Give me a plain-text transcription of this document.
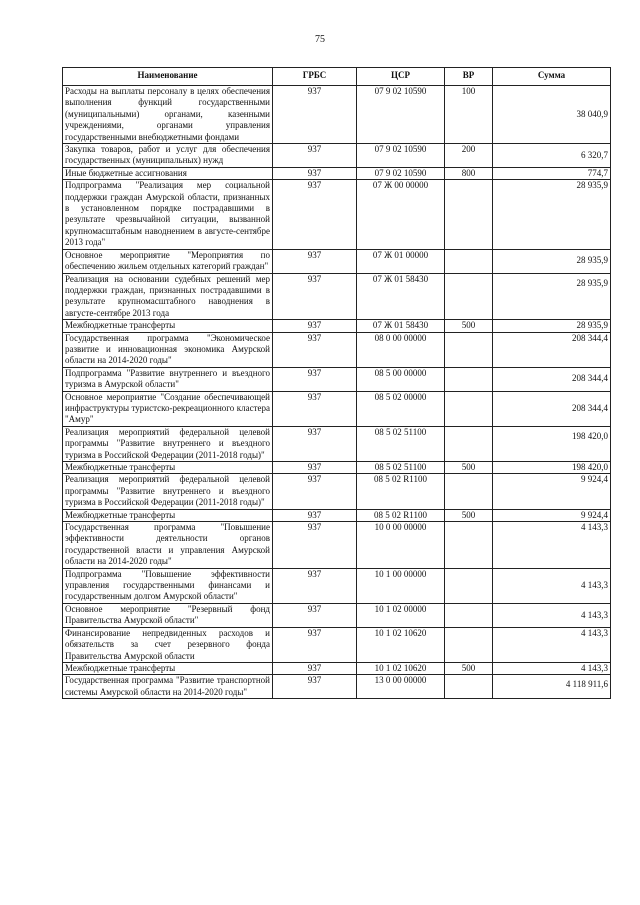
75
Наименование	ГРБС	ЦСР	ВР	Сумма
Расходы на выплаты персоналу в целях обеспечения выполнения функций государственными (муниципальными) органами, казенными учреждениями, органами управления государственными внебюджетными фондами	937	07 9 02 10590	100	38 040,9
Закупка товаров, работ и услуг для обеспечения государственных (муниципальных) нужд	937	07 9 02 10590	200	6 320,7
Иные бюджетные ассигнования	937	07 9 02 10590	800	774,7
Подпрограмма "Реализация мер социальной поддержки граждан Амурской области, признанных в установленном порядке пострадавшими в результате чрезвычайной ситуации, вызванной крупномасштабным наводнением в августе-сентябре 2013 года"	937	07 Ж 00 00000		28 935,9
Основное мероприятие "Мероприятия по обеспечению жильем отдельных категорий граждан"	937	07 Ж 01 00000		28 935,9
Реализация на основании судебных решений мер поддержки граждан, признанных пострадавшими в результате крупномасштабного наводнения в августе-сентябре 2013 года	937	07 Ж 01 58430		28 935,9
Межбюджетные трансферты	937	07 Ж 01 58430	500	28 935,9
Государственная программа "Экономическое развитие и инновационная экономика Амурской области на 2014-2020 годы"	937	08 0 00 00000		208 344,4
Подпрограмма "Развитие внутреннего и въездного туризма в Амурской области"	937	08 5 00 00000		208 344,4
Основное мероприятие "Создание обеспечивающей инфраструктуры туристско-рекреационного кластера "Амур"	937	08 5 02 00000		208 344,4
Реализация мероприятий федеральной целевой программы "Развитие внутреннего и въездного туризма в Российской Федерации (2011-2018 годы)"	937	08 5 02 51100		198 420,0
Межбюджетные трансферты	937	08 5 02 51100	500	198 420,0
Реализация мероприятий федеральной целевой программы "Развитие внутреннего и въездного туризма в Российской Федерации (2011-2018 годы)"	937	08 5 02 R1100		9 924,4
Межбюджетные трансферты	937	08 5 02 R1100	500	9 924,4
Государственная программа "Повышение эффективности деятельности органов государственной власти и управления Амурской области на 2014-2020 годы"	937	10 0 00 00000		4 143,3
Подпрограмма "Повышение эффективности управления государственными финансами и государственным долгом Амурской области"	937	10 1 00 00000		4 143,3
Основное мероприятие "Резервный фонд Правительства Амурской области"	937	10 1 02 00000		4 143,3
Финансирование непредвиденных расходов и обязательств за счет резервного фонда Правительства Амурской области	937	10 1 02 10620		4 143,3
Межбюджетные трансферты	937	10 1 02 10620	500	4 143,3
Государственная программа "Развитие транспортной системы Амурской области на 2014-2020 годы"	937	13 0 00 00000		4 118 911,6
